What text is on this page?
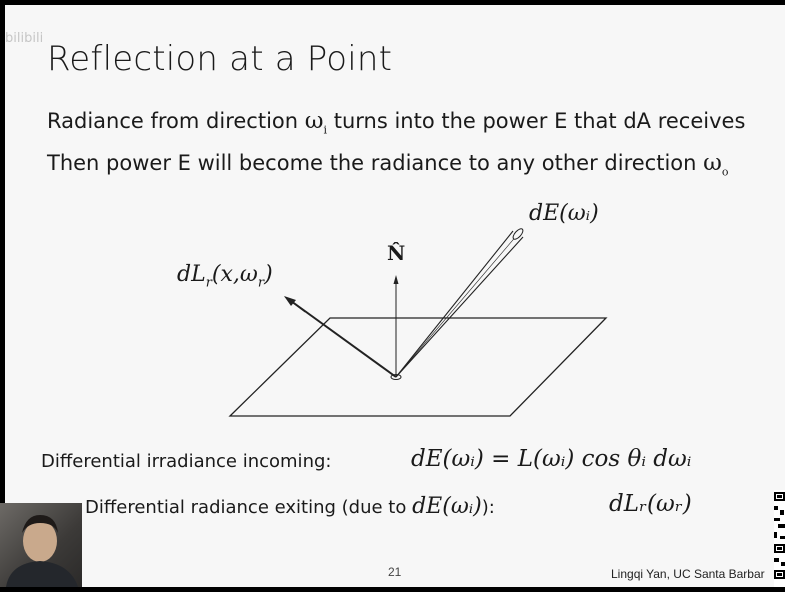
bilibili
Reflection at a Point
Radiance from direction $\omega_i$ turns into the power E that dA receives
Then power E will become the radiance to any other direction $\omega_o$
dE(ωᵢ)
N̂
$dL_r(x,\omega_r)$
Differential irradiance incoming:	dE(ωᵢ) = L(ωᵢ) cos θᵢ dωᵢ
Differential radiance exiting (due to dE(ωᵢ)):	dLᵣ(ωᵣ)
21	Lingqi Yan, UC Santa Barbar
